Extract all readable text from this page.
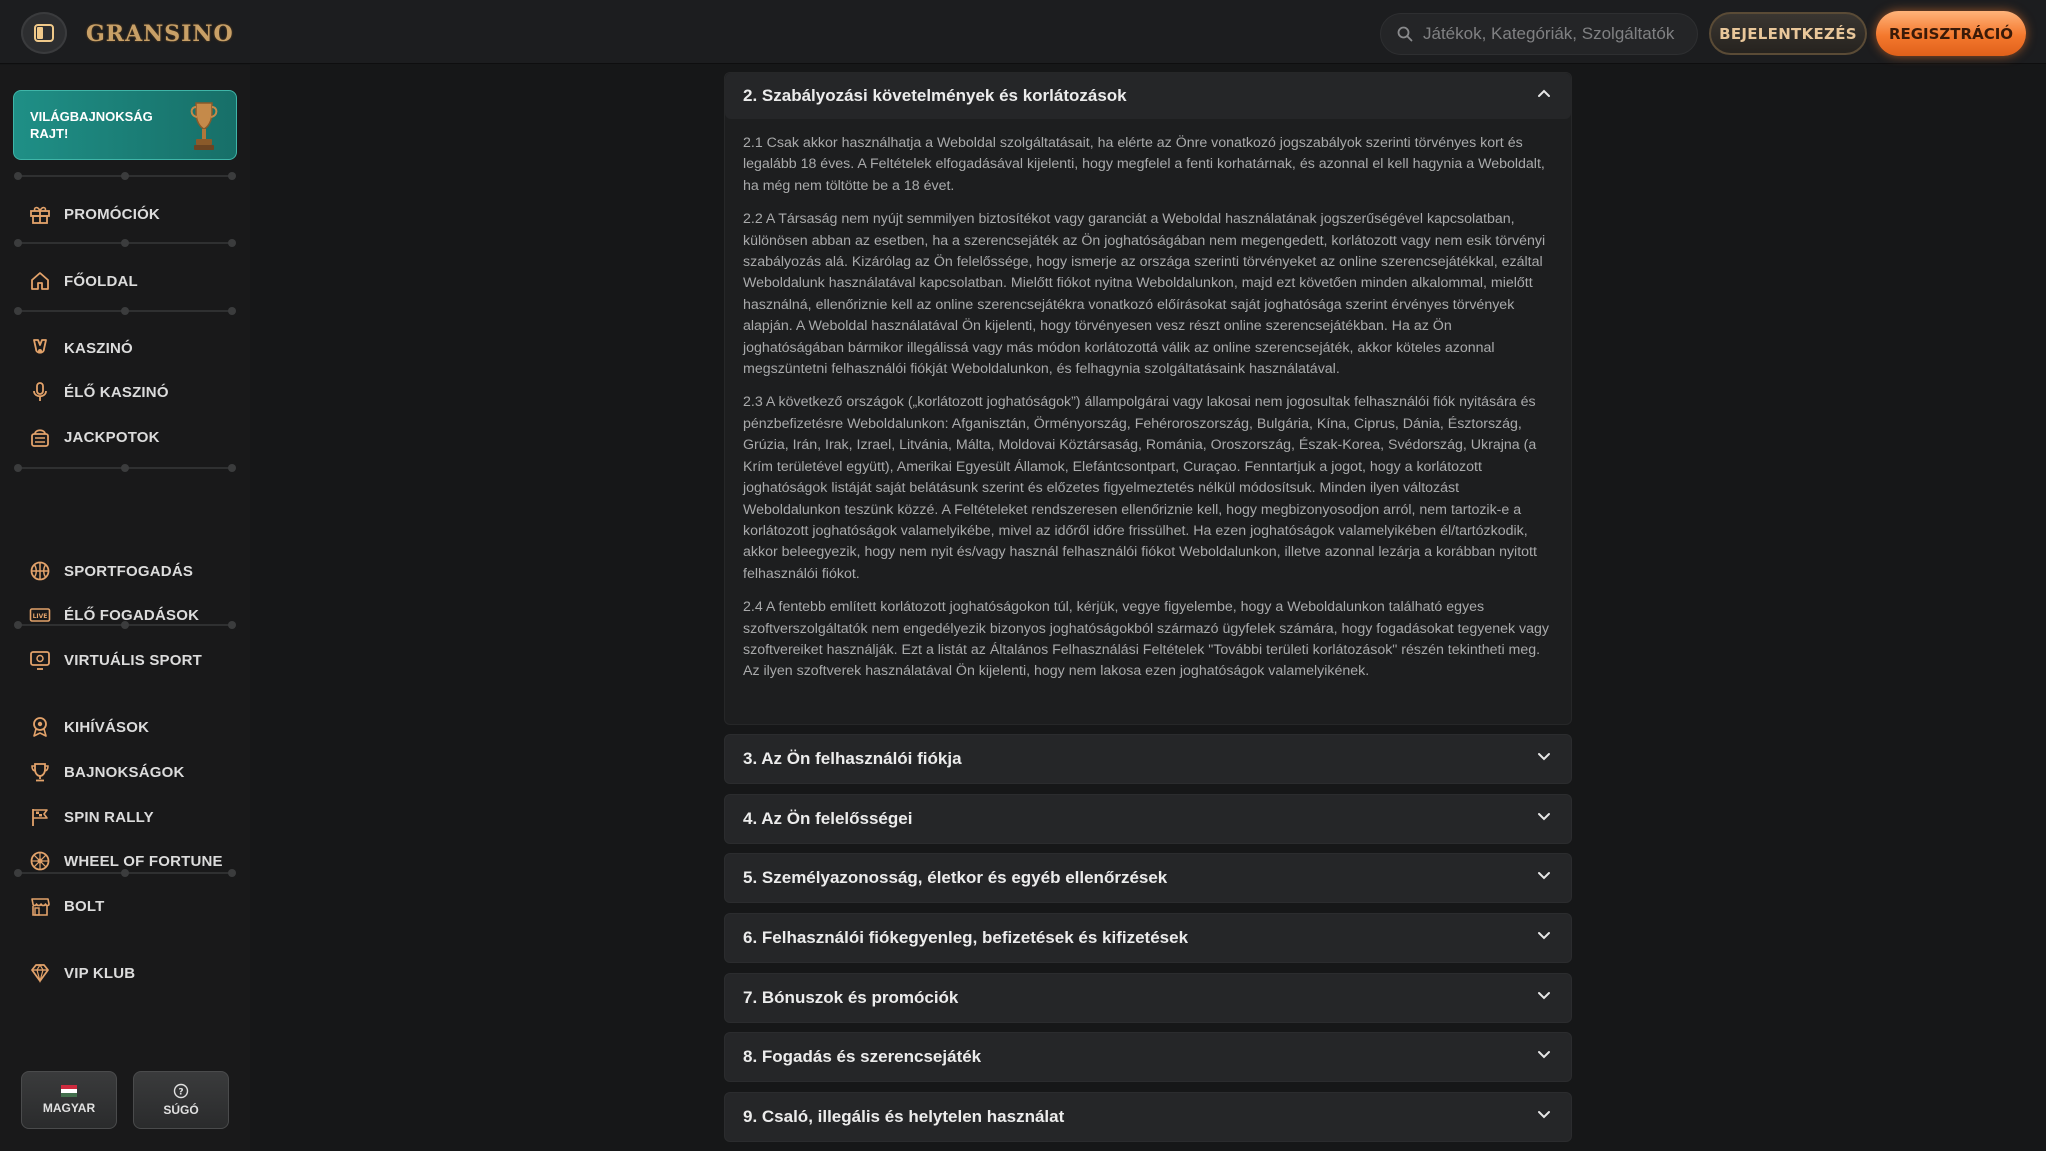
GRANSINO
Játékok, Kategóriák, Szolgáltatók	BEJELENTKEZÉS	REGISZTRÁCIÓ
VILÁGBAJNOKSÁG RAJT!
PROMÓCIÓK
FŐOLDAL
KASZINÓ
ÉLŐ KASZINÓ
JACKPOTOK
SPORTFOGADÁS
LIVE ÉLŐ FOGADÁSOK
VIRTUÁLIS SPORT
KIHÍVÁSOK
BAJNOKSÁGOK
SPIN RALLY
WHEEL OF FORTUNE
BOLT
VIP KLUB
MAGYAR
?
SÚGÓ
2. Szabályozási követelmények és korlátozások

2.1 Csak akkor használhatja a Weboldal szolgáltatásait, ha elérte az Önre vonatkozó jogszabályok szerinti törvényes kort és legalább 18 éves. A Feltételek elfogadásával kijelenti, hogy megfelel a fenti korhatárnak, és azonnal el kell hagynia a Weboldalt, ha még nem töltötte be a 18 évet.

2.2 A Társaság nem nyújt semmilyen biztosítékot vagy garanciát a Weboldal használatának jogszerűségével kapcsolatban, különösen abban az esetben, ha a szerencsejáték az Ön joghatóságában nem megengedett, korlátozott vagy nem esik törvényi szabályozás alá. Kizárólag az Ön felelőssége, hogy ismerje az országa szerinti törvényeket az online szerencsejátékkal, ezáltal Weboldalunk használatával kapcsolatban. Mielőtt fiókot nyitna Weboldalunkon, majd ezt követően minden alkalommal, mielőtt használná, ellenőriznie kell az online szerencsejátékra vonatkozó előírásokat saját joghatósága szerint érvényes törvények alapján. A Weboldal használatával Ön kijelenti, hogy törvényesen vesz részt online szerencsejátékban. Ha az Ön joghatóságában bármikor illegálissá vagy más módon korlátozottá válik az online szerencsejáték, akkor köteles azonnal megszüntetni felhasználói fiókját Weboldalunkon, és felhagynia szolgáltatásaink használatával.

2.3 A következő országok („korlátozott joghatóságok”) állampolgárai vagy lakosai nem jogosultak felhasználói fiók nyitására és pénzbefizetésre Weboldalunkon: Afganisztán, Örményország, Fehéroroszország, Bulgária, Kína, Ciprus, Dánia, Észtország, Grúzia, Irán, Irak, Izrael, Litvánia, Málta, Moldovai Köztársaság, Románia, Oroszország, Észak-Korea, Svédország, Ukrajna (a Krím területével együtt), Amerikai Egyesült Államok, Elefántcsontpart, Curaçao. Fenntartjuk a jogot, hogy a korlátozott joghatóságok listáját saját belátásunk szerint és előzetes figyelmeztetés nélkül módosítsuk. Minden ilyen változást Weboldalunkon teszünk közzé. A Feltételeket rendszeresen ellenőriznie kell, hogy megbizonyosodjon arról, nem tartozik-e a korlátozott joghatóságok valamelyikébe, mivel az időről időre frissülhet. Ha ezen joghatóságok valamelyikében él/tartózkodik, akkor beleegyezik, hogy nem nyit és/vagy használ felhasználói fiókot Weboldalunkon, illetve azonnal lezárja a korábban nyitott felhasználói fiókot.

2.4 A fentebb említett korlátozott joghatóságokon túl, kérjük, vegye figyelembe, hogy a Weboldalunkon található egyes szoftverszolgáltatók nem engedélyezik bizonyos joghatóságokból származó ügyfelek számára, hogy fogadásokat tegyenek vagy szoftvereiket használják. Ezt a listát az Általános Felhasználási Feltételek "További területi korlátozások" részén tekintheti meg. Az ilyen szoftverek használatával Ön kijelenti, hogy nem lakosa ezen joghatóságok valamelyikének.

3. Az Ön felhasználói fiókja
4. Az Ön felelősségei
5. Személyazonosság, életkor és egyéb ellenőrzések
6. Felhasználói fiókegyenleg, befizetések és kifizetések
7. Bónuszok és promóciók
8. Fogadás és szerencsejáték
9. Csaló, illegális és helytelen használat
